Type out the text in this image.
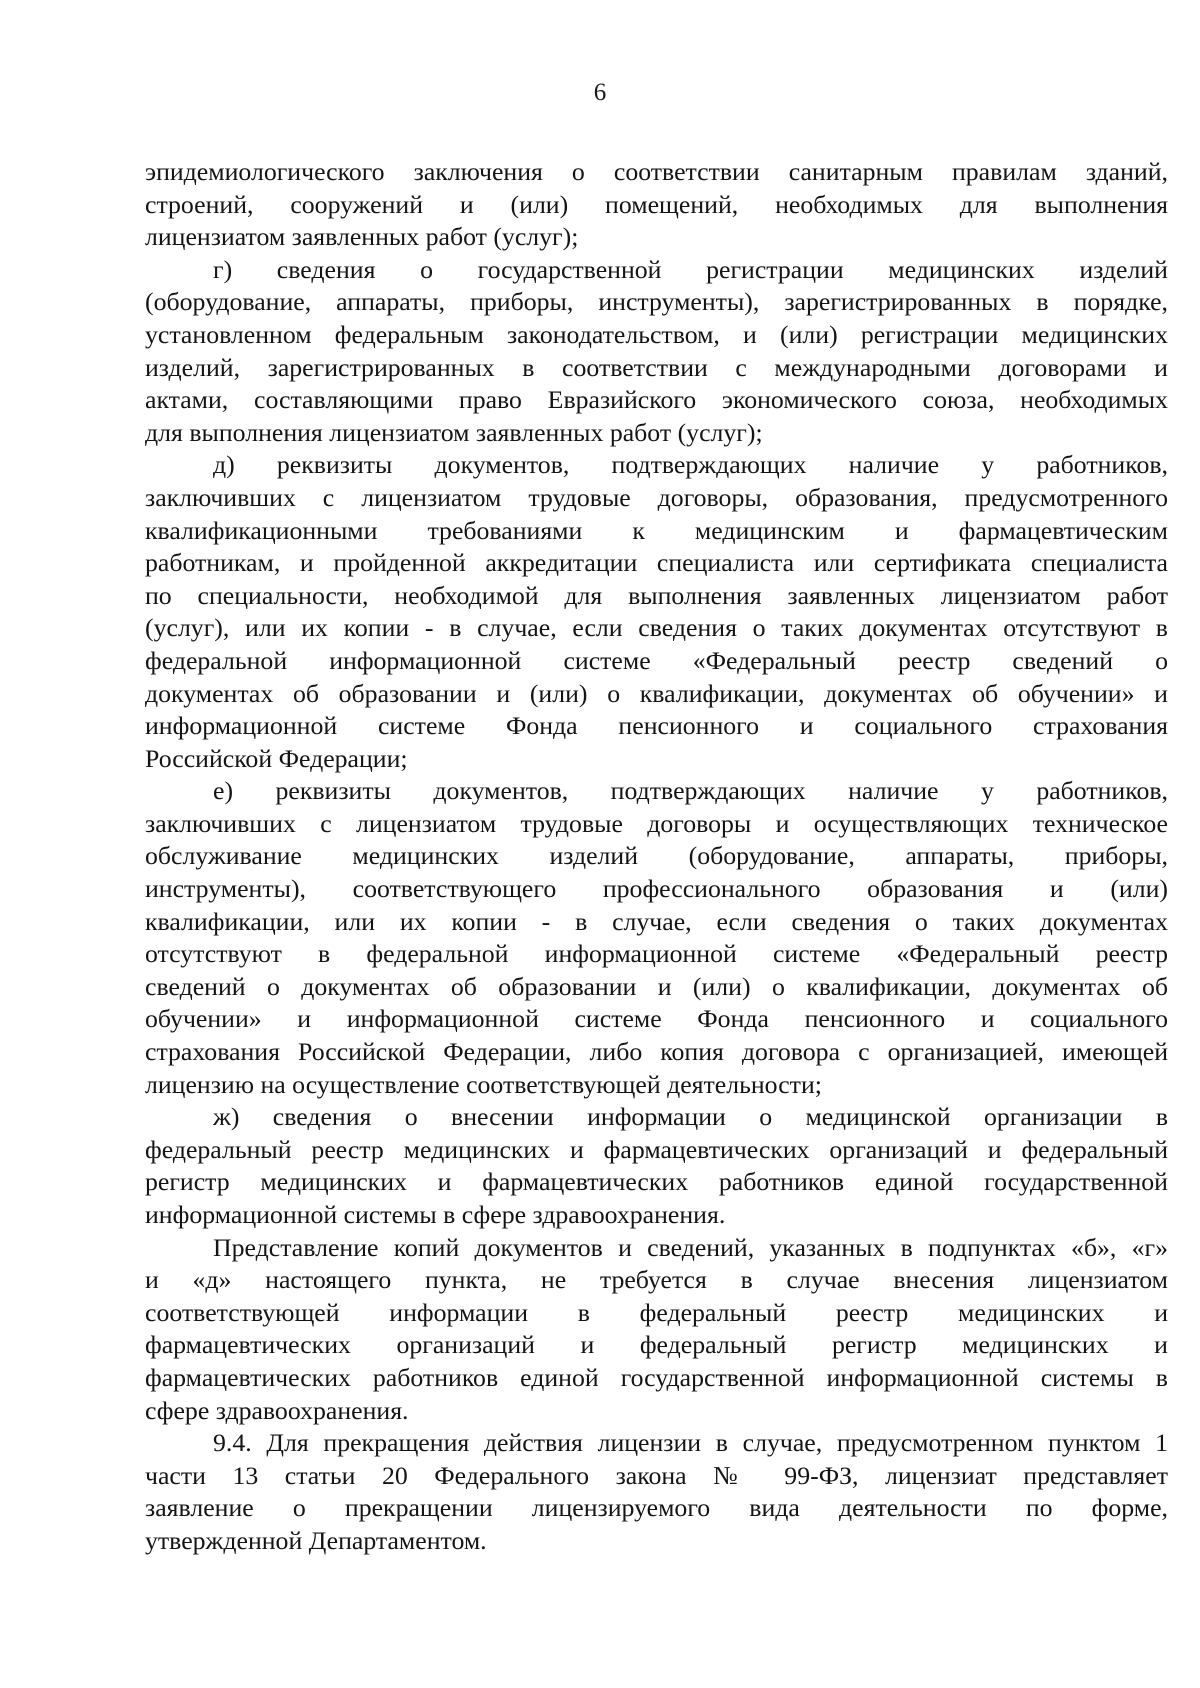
6
эпидемиологического заключения о соответствии санитарным правилам зданий,
строений, сооружений и (или) помещений, необходимых для выполнения
лицензиатом заявленных работ (услуг);
г) сведения о государственной регистрации медицинских изделий
(оборудование, аппараты, приборы, инструменты), зарегистрированных в порядке,
установленном федеральным законодательством, и (или) регистрации медицинских
изделий, зарегистрированных в соответствии с международными договорами и
актами, составляющими право Евразийского экономического союза, необходимых
для выполнения лицензиатом заявленных работ (услуг);
д) реквизиты документов, подтверждающих наличие у работников,
заключивших с лицензиатом трудовые договоры, образования, предусмотренного
квалификационными требованиями к медицинским и фармацевтическим
работникам, и пройденной аккредитации специалиста или сертификата специалиста
по специальности, необходимой для выполнения заявленных лицензиатом работ
(услуг), или их копии - в случае, если сведения о таких документах отсутствуют в
федеральной информационной системе «Федеральный реестр сведений о
документах об образовании и (или) о квалификации, документах об обучении» и
информационной системе Фонда пенсионного и социального страхования
Российской Федерации;
е) реквизиты документов, подтверждающих наличие у работников,
заключивших с лицензиатом трудовые договоры и осуществляющих техническое
обслуживание медицинских изделий (оборудование, аппараты, приборы,
инструменты), соответствующего профессионального образования и (или)
квалификации, или их копии - в случае, если сведения о таких документах
отсутствуют в федеральной информационной системе «Федеральный реестр
сведений о документах об образовании и (или) о квалификации, документах об
обучении» и информационной системе Фонда пенсионного и социального
страхования Российской Федерации, либо копия договора с организацией, имеющей
лицензию на осуществление соответствующей деятельности;
ж) сведения о внесении информации о медицинской организации в
федеральный реестр медицинских и фармацевтических организаций и федеральный
регистр медицинских и фармацевтических работников единой государственной
информационной системы в сфере здравоохранения.
Представление копий документов и сведений, указанных в подпунктах «б», «г»
и «д» настоящего пункта, не требуется в случае внесения лицензиатом
соответствующей информации в федеральный реестр медицинских и
фармацевтических организаций и федеральный регистр медицинских и
фармацевтических работников единой государственной информационной системы в
сфере здравоохранения.
9.4. Для прекращения действия лицензии в случае, предусмотренном пунктом 1
части 13 статьи 20 Федерального закона № 99-ФЗ, лицензиат представляет
заявление о прекращении лицензируемого вида деятельности по форме,
утвержденной Департаментом.
